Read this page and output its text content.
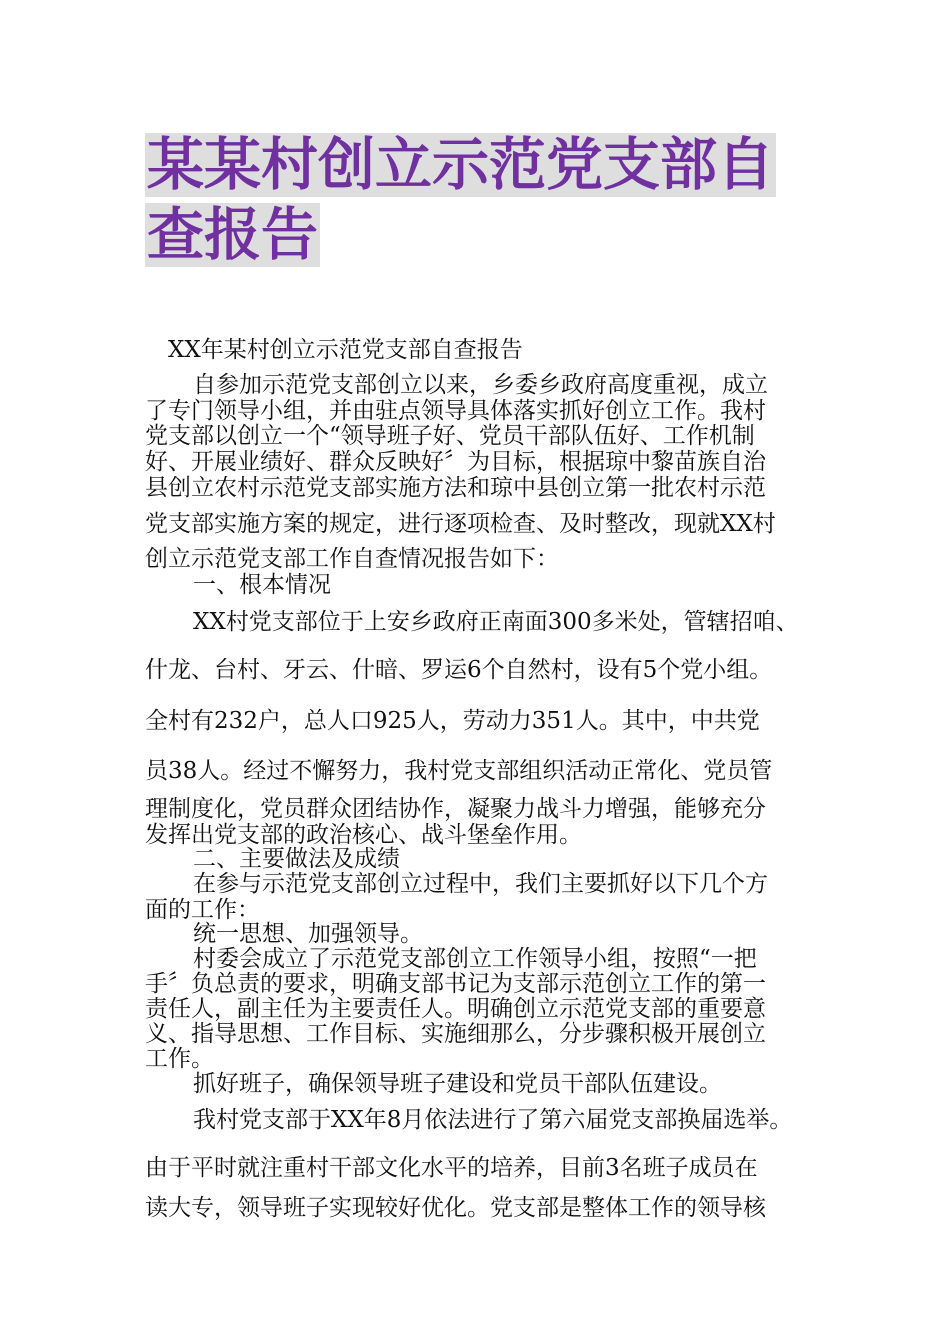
某某村创立示范党支部自
查报告
XX年某村创立示范党支部自查报告
自参加示范党支部创立以来，乡委乡政府高度重视，成立
了专门领导小组，并由驻点领导具体落实抓好创立工作。我村
党支部以创立一个“领导班子好、党员干部队伍好、工作机制
好、开展业绩好、群众反映好〞为目标，根据琼中黎苗族自治
县创立农村示范党支部实施方法和琼中县创立第一批农村示范
党支部实施方案的规定，进行逐项检查、及时整改，现就XX村
创立示范党支部工作自查情况报告如下：
一、根本情况
XX村党支部位于上安乡政府正南面300多米处，管辖招咱、
什龙、台村、牙云、什暗、罗运6个自然村，设有5个党小组。
全村有232户，总人口925人，劳动力351人。其中，中共党
员38人。经过不懈努力，我村党支部组织活动正常化、党员管
理制度化，党员群众团结协作，凝聚力战斗力增强，能够充分
发挥出党支部的政治核心、战斗堡垒作用。
二、主要做法及成绩
在参与示范党支部创立过程中，我们主要抓好以下几个方
面的工作：
统一思想、加强领导。
村委会成立了示范党支部创立工作领导小组，按照“一把
手〞负总责的要求，明确支部书记为支部示范创立工作的第一
责任人，副主任为主要责任人。明确创立示范党支部的重要意
义、指导思想、工作目标、实施细那么，分步骤积极开展创立
工作。
抓好班子，确保领导班子建设和党员干部队伍建设。
我村党支部于XX年8月依法进行了第六届党支部换届选举。
由于平时就注重村干部文化水平的培养，目前3名班子成员在
读大专，领导班子实现较好优化。党支部是整体工作的领导核
